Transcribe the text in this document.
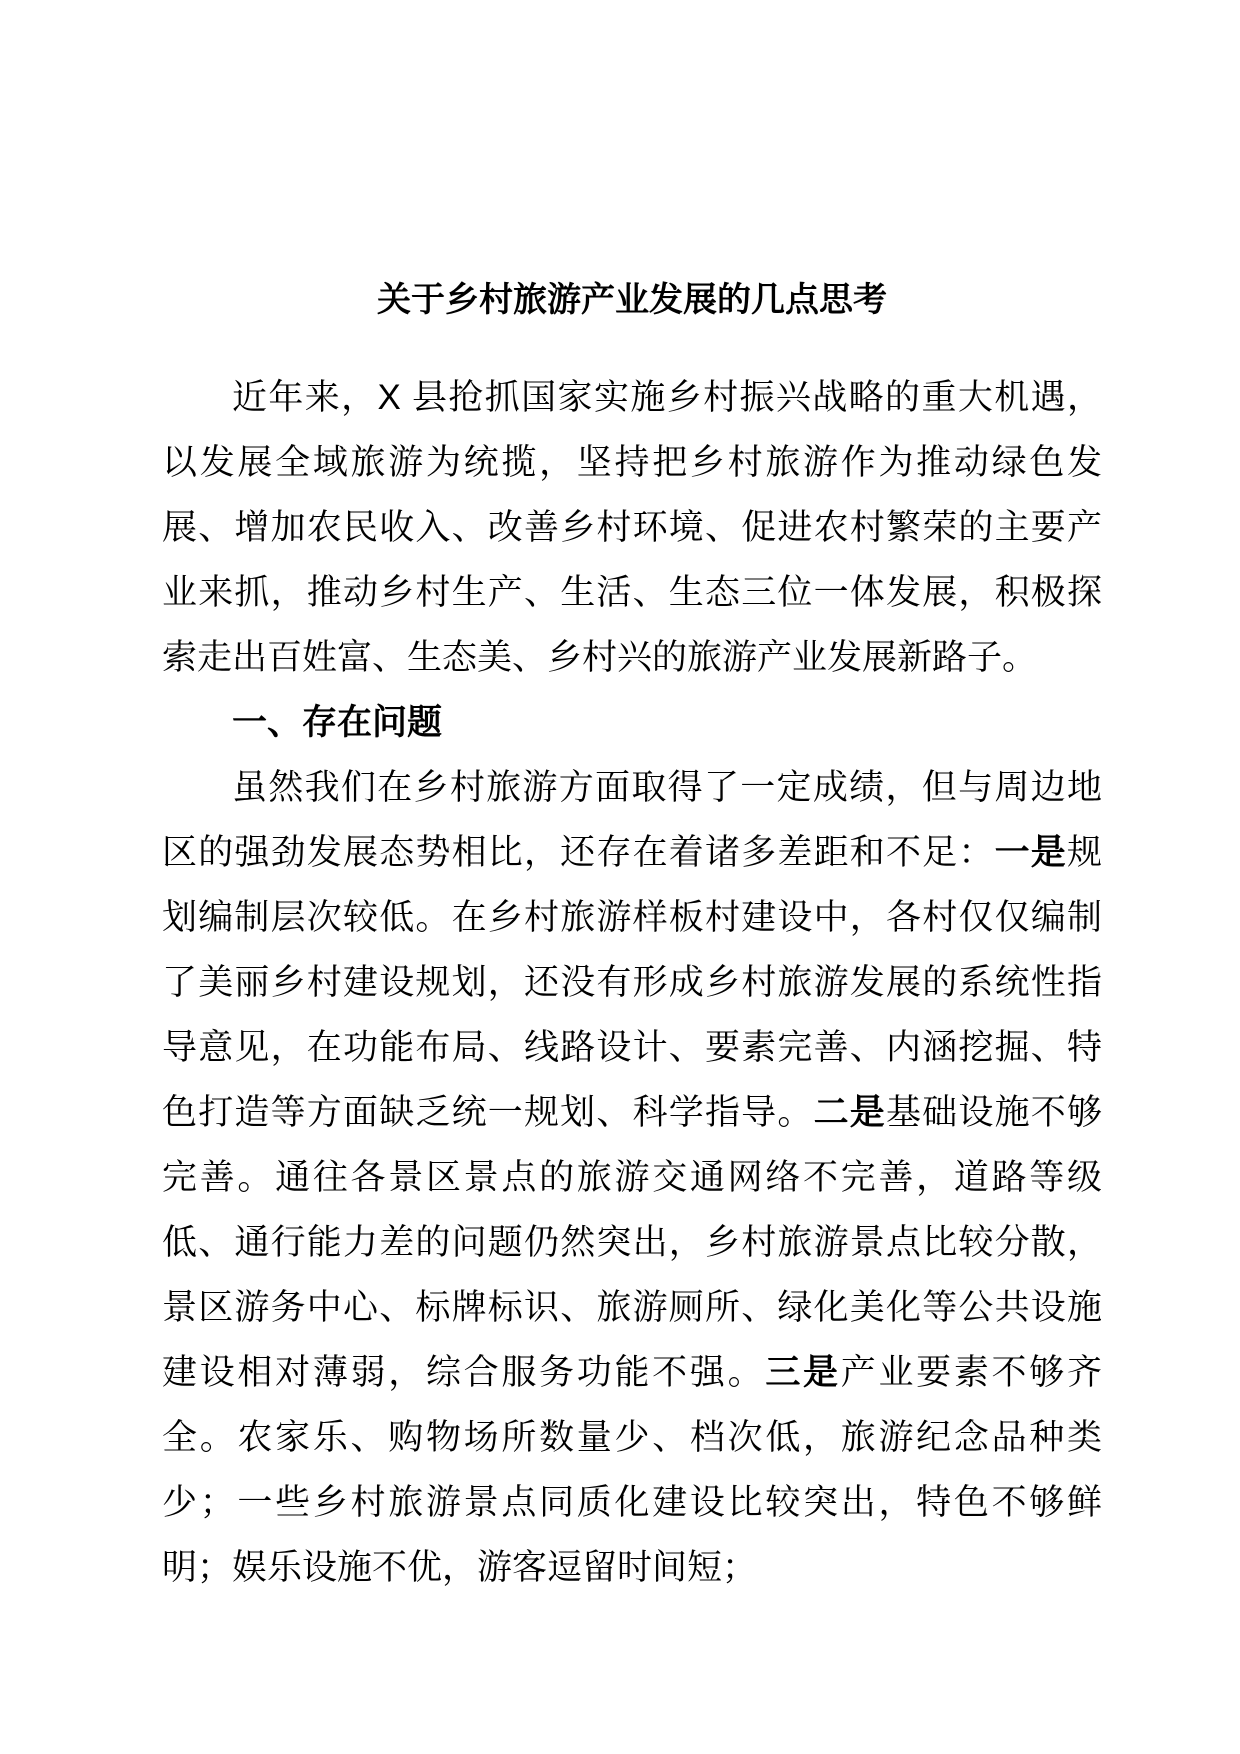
关于乡村旅游产业发展的几点思考

近年来，X 县抢抓国家实施乡村振兴战略的重大机遇，以发展全域旅游为统揽，坚持把乡村旅游作为推动绿色发展、增加农民收入、改善乡村环境、促进农村繁荣的主要产业来抓，推动乡村生产、生活、生态三位一体发展，积极探索走出百姓富、生态美、乡村兴的旅游产业发展新路子。

一、存在问题

虽然我们在乡村旅游方面取得了一定成绩，但与周边地区的强劲发展态势相比，还存在着诸多差距和不足：一是规划编制层次较低。在乡村旅游样板村建设中，各村仅仅编制了美丽乡村建设规划，还没有形成乡村旅游发展的系统性指导意见，在功能布局、线路设计、要素完善、内涵挖掘、特色打造等方面缺乏统一规划、科学指导。二是基础设施不够完善。通往各景区景点的旅游交通网络不完善，道路等级低、通行能力差的问题仍然突出，乡村旅游景点比较分散，景区游务中心、标牌标识、旅游厕所、绿化美化等公共设施建设相对薄弱，综合服务功能不强。三是产业要素不够齐全。农家乐、购物场所数量少、档次低，旅游纪念品种类少；一些乡村旅游景点同质化建设比较突出，特色不够鲜明；娱乐设施不优，游客逗留时间短；
